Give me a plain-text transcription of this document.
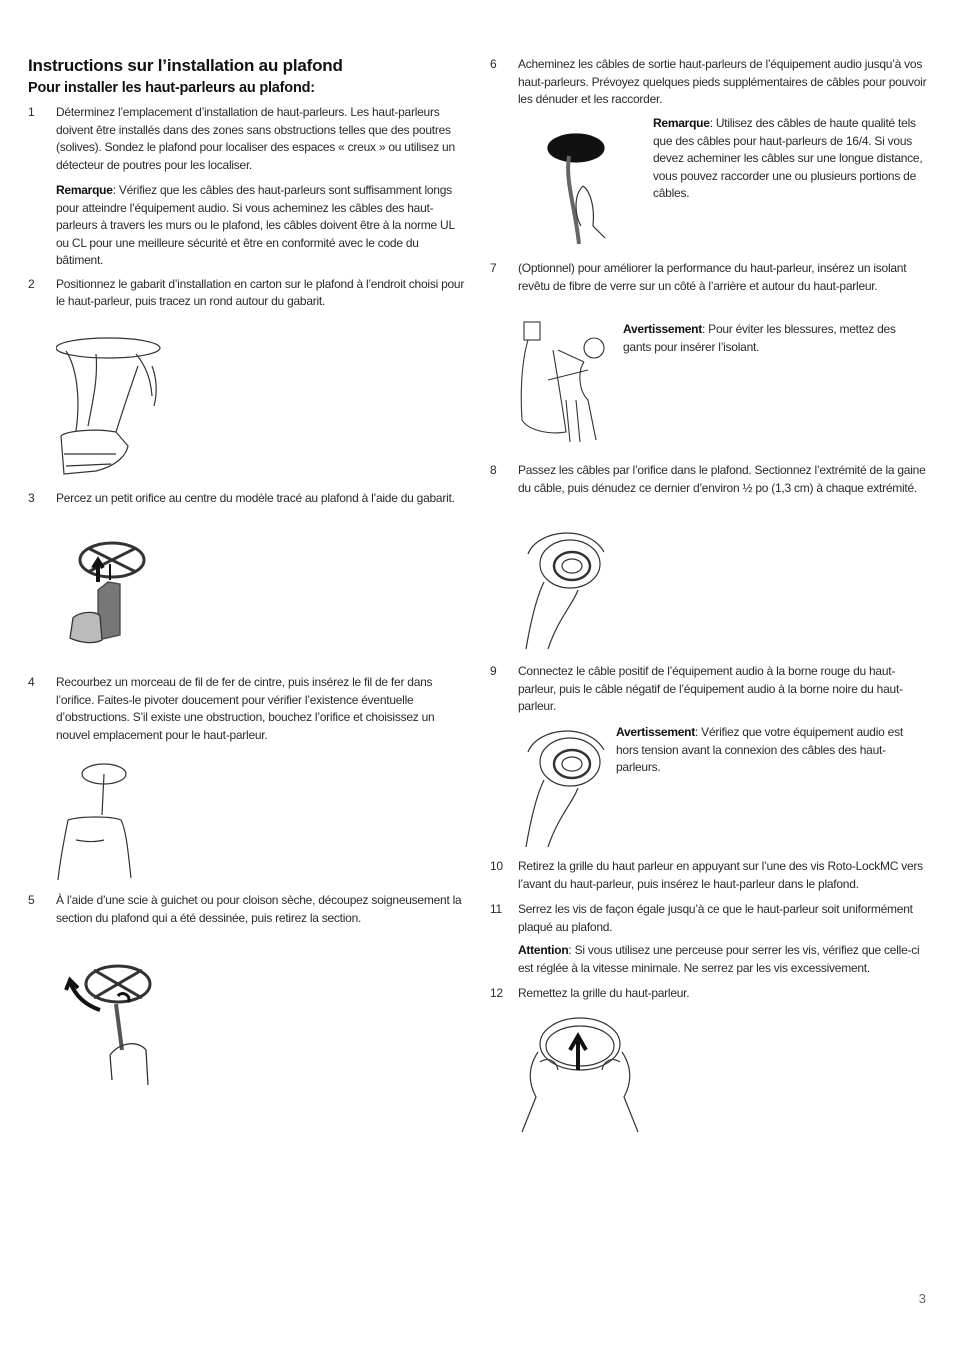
Instructions sur l’installation au plafond
Pour installer les haut-parleurs au plafond:
1	Déterminez l’emplacement d’installation de haut-parleurs. Les haut-parleurs doivent être installés dans des zones sans obstructions telles que des poutres (solives). Sondez le plafond pour localiser des espaces « creux » ou utilisez un détecteur de poutres pour les localiser.
Remarque: Vérifiez que les câbles des haut-parleurs sont suffisamment longs pour atteindre l’équipement audio. Si vous acheminez les câbles des haut-parleurs à travers les murs ou le plafond, les câbles doivent être à la norme UL ou CL pour une meilleure sécurité et être en conformité avec le code du bâtiment.
2	Positionnez le gabarit d’installation en carton sur le plafond à l’endroit choisi pour le haut-parleur, puis tracez un rond autour du gabarit.
3	Percez un petit orifice au centre du modèle tracé au plafond à l’aide du gabarit.
4	Recourbez un morceau de fil de fer de cintre, puis insérez le fil de fer dans l’orifice. Faites-le pivoter doucement pour vérifier l’existence éventuelle d’obstructions. S’il existe une obstruction, bouchez l’orifice et choisissez un nouvel emplacement pour le haut-parleur.
5	À l’aide d’une scie à guichet ou pour cloison sèche, découpez soigneusement la section du plafond qui a été dessinée, puis retirez la section.
6	Acheminez les câbles de sortie haut-parleurs de l’équipement audio jusqu’à vos haut-parleurs. Prévoyez quelques pieds supplémentaires de câbles pour pouvoir les dénuder et les raccorder.
Remarque: Utilisez des câbles de haute qualité tels que des câbles pour haut-parleurs de 16/4. Si vous devez acheminer les câbles sur une longue distance, vous pouvez raccorder une ou plusieurs portions de câbles.
7	(Optionnel) pour améliorer la performance du haut-parleur, insérez un isolant revêtu de fibre de verre sur un côté à l’arrière et autour du haut-parleur.
Avertissement: Pour éviter les blessures, mettez des gants pour insérer l’isolant.
8	Passez les câbles par l’orifice dans le plafond. Sectionnez l’extrémité de la gaine du câble, puis dénudez ce dernier d’environ ½ po (1,3 cm) à chaque extrémité.
9	Connectez le câble positif de l’équipement audio à la borne rouge du haut-parleur, puis le câble négatif de l’équipement audio à la borne noire du haut-parleur.
Avertissement: Vérifiez que votre équipement audio est hors tension avant la connexion des câbles des haut-parleurs.
10	Retirez la grille du haut parleur en appuyant sur l’une des vis Roto-LockMC vers l’avant du haut-parleur, puis insérez le haut-parleur dans le plafond.
11	Serrez les vis de façon égale jusqu’à ce que le haut-parleur soit uniformément plaqué au plafond.
Attention: Si vous utilisez une perceuse pour serrer les vis, vérifiez que celle-ci est réglée à la vitesse minimale. Ne serrez par les vis excessivement.
12	Remettez la grille du haut-parleur.
3
